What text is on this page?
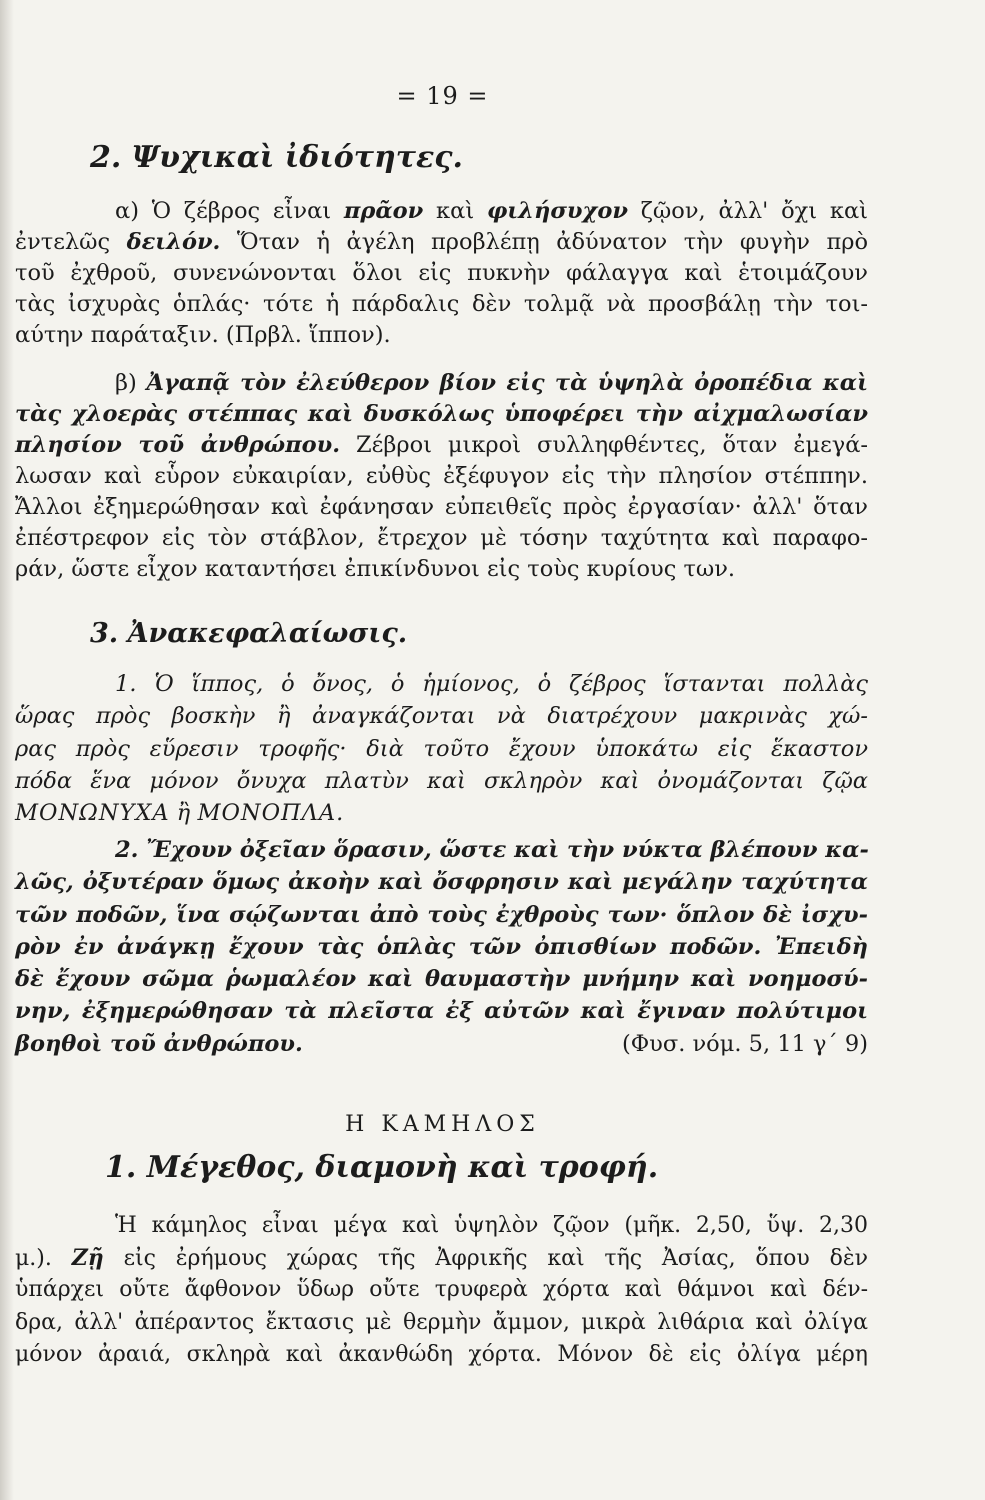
= 19 =
2. Ψυχικαὶ ἰδιότητες.
α) Ὁ ζέβρος εἶναι πρᾶον καὶ φιλήσυχον ζῷον, ἀλλ' ὄχι καὶ
ἐντελῶς δειλόν. Ὅταν ἡ ἀγέλη προβλέπῃ ἀδύνατον τὴν φυγὴν πρὸ
τοῦ ἐχθροῦ, συνενώνονται ὅλοι εἰς πυκνὴν φάλαγγα καὶ ἑτοιμάζουν
τὰς ἰσχυρὰς ὁπλάς· τότε ἡ πάρδαλις δὲν τολμᾷ νὰ προσβάλῃ τὴν τοι-
αύτην παράταξιν. (Πρβλ. ἵππον).
β) Ἀγαπᾷ τὸν ἐλεύθερον βίον εἰς τὰ ὑψηλὰ ὀροπέδια καὶ
τὰς χλοερὰς στέππας καὶ δυσκόλως ὑποφέρει τὴν αἰχμαλωσίαν
πλησίον τοῦ ἀνθρώπου. Ζέβροι μικροὶ συλληφθέντες, ὅταν ἐμεγά-
λωσαν καὶ εὗρον εὐκαιρίαν, εὐθὺς ἐξέφυγον εἰς τὴν πλησίον στέππην.
Ἄλλοι ἐξημερώθησαν καὶ ἐφάνησαν εὐπειθεῖς πρὸς ἐργασίαν· ἀλλ' ὅταν
ἐπέστρεφον εἰς τὸν στάβλον, ἔτρεχον μὲ τόσην ταχύτητα καὶ παραφο-
ράν, ὥστε εἶχον καταντήσει ἐπικίνδυνοι εἰς τοὺς κυρίους των.
3. Ἀνακεφαλαίωσις.
1. Ὁ ἵππος, ὁ ὄνος, ὁ ἡμίονος, ὁ ζέβρος ἵστανται πολλὰς
ὥρας πρὸς βοσκὴν ἢ ἀναγκάζονται νὰ διατρέχουν μακρινὰς χώ-
ρας πρὸς εὕρεσιν τροφῆς· διὰ τοῦτο ἔχουν ὑποκάτω εἰς ἕκαστον
πόδα ἕνα μόνον ὄνυχα πλατὺν καὶ σκληρὸν καὶ ὀνομάζονται ζῷα
ΜΟΝΩΝΥΧΑ ἢ ΜΟΝΟΠΛΑ.
2. Ἔχουν ὀξεῖαν ὅρασιν, ὥστε καὶ τὴν νύκτα βλέπουν κα-
λῶς, ὀξυτέραν ὅμως ἀκοὴν καὶ ὄσφρησιν καὶ μεγάλην ταχύτητα
τῶν ποδῶν, ἵνα σῴζωνται ἀπὸ τοὺς ἐχθροὺς των· ὅπλον δὲ ἰσχυ-
ρὸν ἐν ἀνάγκῃ ἔχουν τὰς ὁπλὰς τῶν ὀπισθίων ποδῶν. Ἐπειδὴ
δὲ ἔχουν σῶμα ῥωμαλέον καὶ θαυμαστὴν μνήμην καὶ νοημοσύ-
νην, ἐξημερώθησαν τὰ πλεῖστα ἐξ αὐτῶν καὶ ἔγιναν πολύτιμοι
βοηθοὶ τοῦ ἀνθρώπου.	(Φυσ. νόμ. 5, 11 γ΄ 9)
Η ΚΑΜΗΛΟΣ
1. Μέγεθος, διαμονὴ καὶ τροφή.
Ἡ κάμηλος εἶναι μέγα καὶ ὑψηλὸν ζῷον (μῆκ. 2,50, ὕψ. 2,30
μ.). Ζῇ εἰς ἐρήμους χώρας τῆς Ἀφρικῆς καὶ τῆς Ἀσίας, ὅπου δὲν
ὑπάρχει οὔτε ἄφθονον ὕδωρ οὔτε τρυφερὰ χόρτα καὶ θάμνοι καὶ δέν-
δρα, ἀλλ' ἀπέραντος ἔκτασις μὲ θερμὴν ἄμμον, μικρὰ λιθάρια καὶ ὀλίγα
μόνον ἀραιά, σκληρὰ καὶ ἀκανθώδη χόρτα. Μόνον δὲ εἰς ὀλίγα μέρη
